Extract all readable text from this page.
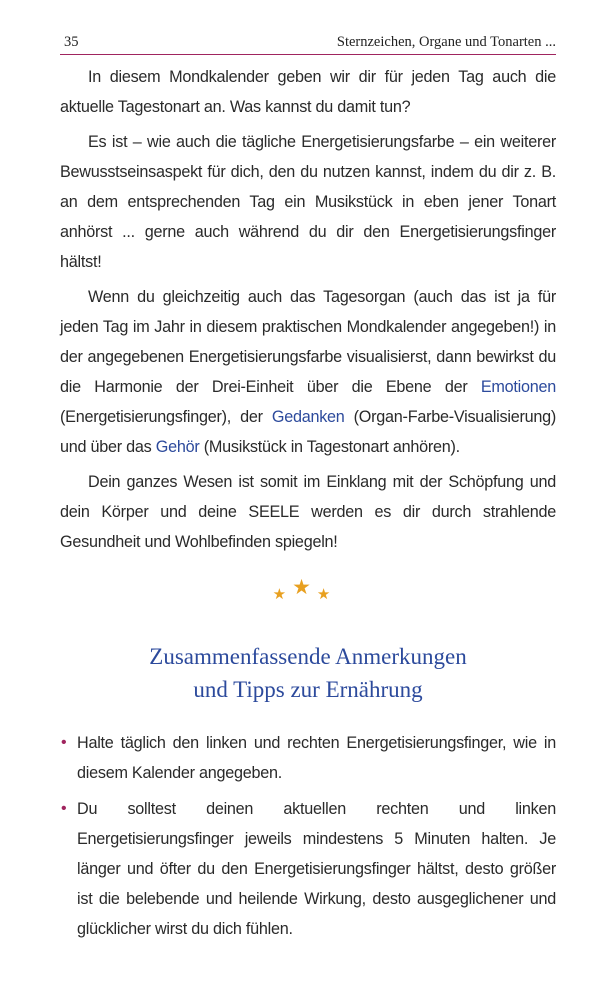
35	Sternzeichen, Organe und Tonarten ...

In diesem Mondkalender geben wir dir für jeden Tag auch die aktuelle Tagestonart an. Was kannst du damit tun?

Es ist – wie auch die tägliche Energetisierungsfarbe – ein weiterer Bewusstseinsaspekt für dich, den du nutzen kannst, indem du dir z. B. an dem entsprechenden Tag ein Musikstück in eben jener Tonart anhörst ... gerne auch während du dir den Energetisierungsfinger hältst!

Wenn du gleichzeitig auch das Tagesorgan (auch das ist ja für jeden Tag im Jahr in diesem praktischen Mondkalender angegeben!) in der angegebenen Energetisierungsfarbe visualisierst, dann bewirkst du die Harmonie der Drei-Einheit über die Ebene der Emotionen (Energetisierungsfinger), der Gedanken (Organ-Farbe-Visualisierung) und über das Gehör (Musikstück in Tagestonart anhören).

Dein ganzes Wesen ist somit im Einklang mit der Schöpfung und dein Körper und deine SEELE werden es dir durch strahlende Gesundheit und Wohlbefinden spiegeln!

★ ★ ★
Zusammenfassende Anmerkungen
und Tipps zur Ernährung
• Halte täglich den linken und rechten Energetisierungsfinger, wie in diesem Kalender angegeben.
• Du solltest deinen aktuellen rechten und linken Energetisierungsfinger jeweils mindestens 5 Minuten halten. Je länger und öfter du den Energetisierungsfinger hältst, desto größer ist die belebende und heilende Wirkung, desto ausgeglichener und glücklicher wirst du dich fühlen.
